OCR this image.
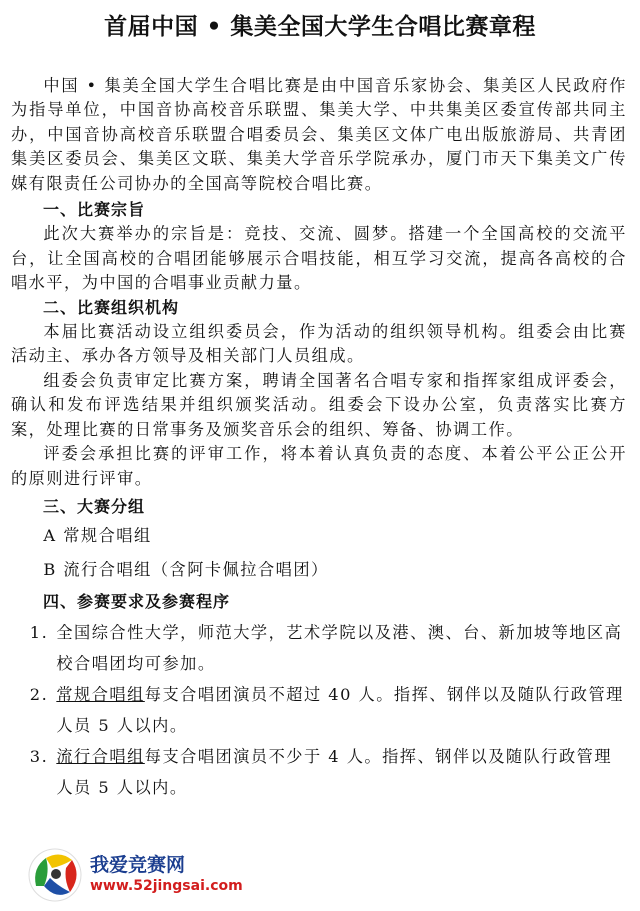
首届中国 • 集美全国大学生合唱比赛章程

中国 • 集美全国大学生合唱比赛是由中国音乐家协会、集美区人民政府作为指导单位，中国音协高校音乐联盟、集美大学、中共集美区委宣传部共同主办，中国音协高校音乐联盟合唱委员会、集美区文体广电出版旅游局、共青团集美区委员会、集美区文联、集美大学音乐学院承办，厦门市天下集美文广传媒有限责任公司协办的全国高等院校合唱比赛。

一、比赛宗旨

此次大赛举办的宗旨是：竞技、交流、圆梦。搭建一个全国高校的交流平台，让全国高校的合唱团能够展示合唱技能，相互学习交流，提高各高校的合唱水平，为中国的合唱事业贡献力量。

二、比赛组织机构

本届比赛活动设立组织委员会，作为活动的组织领导机构。组委会由比赛活动主、承办各方领导及相关部门人员组成。

组委会负责审定比赛方案，聘请全国著名合唱专家和指挥家组成评委会，确认和发布评选结果并组织颁奖活动。组委会下设办公室，负责落实比赛方案，处理比赛的日常事务及颁奖音乐会的组织、筹备、协调工作。

评委会承担比赛的评审工作，将本着认真负责的态度、本着公平公正公开的原则进行评审。

三、大赛分组

A 常规合唱组

B 流行合唱组（含阿卡佩拉合唱团）

四、参赛要求及参赛程序

1. 全国综合性大学，师范大学，艺术学院以及港、澳、台、新加坡等地区高校合唱团均可参加。
2. 常规合唱组每支合唱团演员不超过 40 人。指挥、钢伴以及随队行政管理人员 5 人以内。
3. 流行合唱组每支合唱团演员不少于 4 人。指挥、钢伴以及随队行政管理人员 5 人以内。
我爱竞赛网
www.52jingsai.com
